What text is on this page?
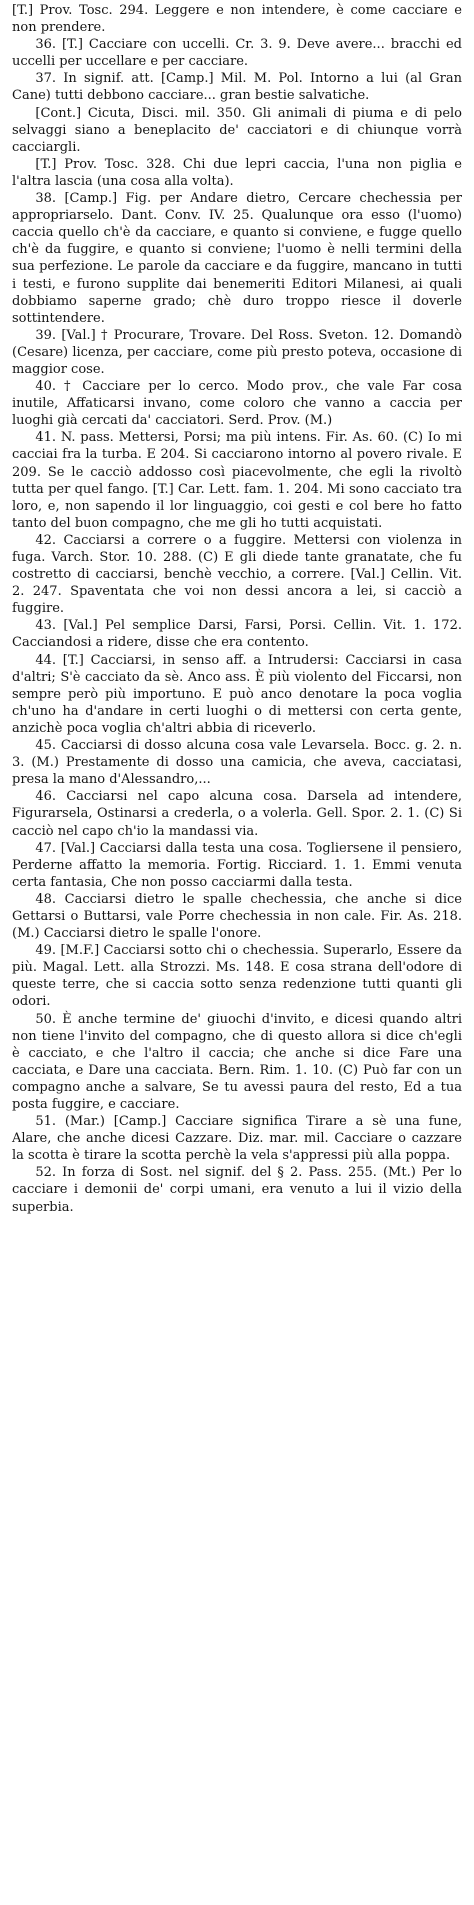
[T.] Prov. Tosc. 294. Leggere e non intendere, è come cacciare e non prendere.

36. [T.] Cacciare con uccelli. Cr. 3. 9. Deve avere... bracchi ed uccelli per uccellare e per cacciare.

37. In signif. att. [Camp.] Mil. M. Pol. Intorno a lui (al Gran Cane) tutti debbono cacciare... gran bestie salvatiche.

[Cont.] Cicuta, Disci. mil. 350. Gli animali di piuma e di pelo selvaggi siano a beneplacito de' cacciatori e di chiunque vorrà cacciargli.

[T.] Prov. Tosc. 328. Chi due lepri caccia, l'una non piglia e l'altra lascia (una cosa alla volta).

38. [Camp.] Fig. per Andare dietro, Cercare chechessia per appropriarselo. Dant. Conv. IV. 25. Qualunque ora esso (l'uomo) caccia quello ch'è da cacciare, e quanto si conviene, e fugge quello ch'è da fuggire, e quanto si conviene; l'uomo è nelli termini della sua perfezione. Le parole da cacciare e da fuggire, mancano in tutti i testi, e furono supplite dai benemeriti Editori Milanesi, ai quali dobbiamo saperne grado; chè duro troppo riesce il doverle sottintendere.

39. [Val.] † Procurare, Trovare. Del Ross. Sveton. 12. Domandò (Cesare) licenza, per cacciare, come più presto poteva, occasione di maggior cose.

40. † Cacciare per lo cerco. Modo prov., che vale Far cosa inutile, Affaticarsi invano, come coloro che vanno a caccia per luoghi già cercati da' cacciatori. Serd. Prov. (M.)

41. N. pass. Mettersi, Porsi; ma più intens. Fir. As. 60. (C) Io mi cacciai fra la turba. E 204. Si cacciarono intorno al povero rivale. E 209. Se le cacciò addosso così piacevolmente, che egli la rivoltò tutta per quel fango. [T.] Car. Lett. fam. 1. 204. Mi sono cacciato tra loro, e, non sapendo il lor linguaggio, coi gesti e col bere ho fatto tanto del buon compagno, che me gli ho tutti acquistati.

42. Cacciarsi a correre o a fuggire. Mettersi con violenza in fuga. Varch. Stor. 10. 288. (C) E gli diede tante granatate, che fu costretto di cacciarsi, benchè vecchio, a correre. [Val.] Cellin. Vit. 2. 247. Spaventata che voi non dessi ancora a lei, si cacciò a fuggire.

43. [Val.] Pel semplice Darsi, Farsi, Porsi. Cellin. Vit. 1. 172. Cacciandosi a ridere, disse che era contento.

44. [T.] Cacciarsi, in senso aff. a Intrudersi: Cacciarsi in casa d'altri; S'è cacciato da sè. Anco ass. È più violento del Ficcarsi, non sempre però più importuno. E può anco denotare la poca voglia ch'uno ha d'andare in certi luoghi o di mettersi con certa gente, anzichè poca voglia ch'altri abbia di riceverlo.

45. Cacciarsi di dosso alcuna cosa vale Levarsela. Bocc. g. 2. n. 3. (M.) Prestamente di dosso una camicia, che aveva, cacciatasi, presa la mano d'Alessandro,...

46. Cacciarsi nel capo alcuna cosa. Darsela ad intendere, Figurarsela, Ostinarsi a crederla, o a volerla. Gell. Spor. 2. 1. (C) Si cacciò nel capo ch'io la mandassi via.

47. [Val.] Cacciarsi dalla testa una cosa. Togliersene il pensiero, Perderne affatto la memoria. Fortig. Ricciard. 1. 1. Emmi venuta certa fantasia, Che non posso cacciarmi dalla testa.

48. Cacciarsi dietro le spalle chechessia, che anche si dice Gettarsi o Buttarsi, vale Porre chechessia in non cale. Fir. As. 218. (M.) Cacciarsi dietro le spalle l'onore.

49. [M.F.] Cacciarsi sotto chi o chechessia. Superarlo, Essere da più. Magal. Lett. alla Strozzi. Ms. 148. E cosa strana dell'odore di queste terre, che si caccia sotto senza redenzione tutti quanti gli odori.

50. È anche termine de' giuochi d'invito, e dicesi quando altri non tiene l'invito del compagno, che di questo allora si dice ch'egli è cacciato, e che l'altro il caccia; che anche si dice Fare una cacciata, e Dare una cacciata. Bern. Rim. 1. 10. (C) Può far con un compagno anche a salvare, Se tu avessi paura del resto, Ed a tua posta fuggire, e cacciare.

51. (Mar.) [Camp.] Cacciare significa Tirare a sè una fune, Alare, che anche dicesi Cazzare. Diz. mar. mil. Cacciare o cazzare la scotta è tirare la scotta perchè la vela s'appressi più alla poppa.

52. In forza di Sost. nel signif. del § 2. Pass. 255. (Mt.) Per lo cacciare i demonii de' corpi umani, era venuto a lui il vizio della superbia.
